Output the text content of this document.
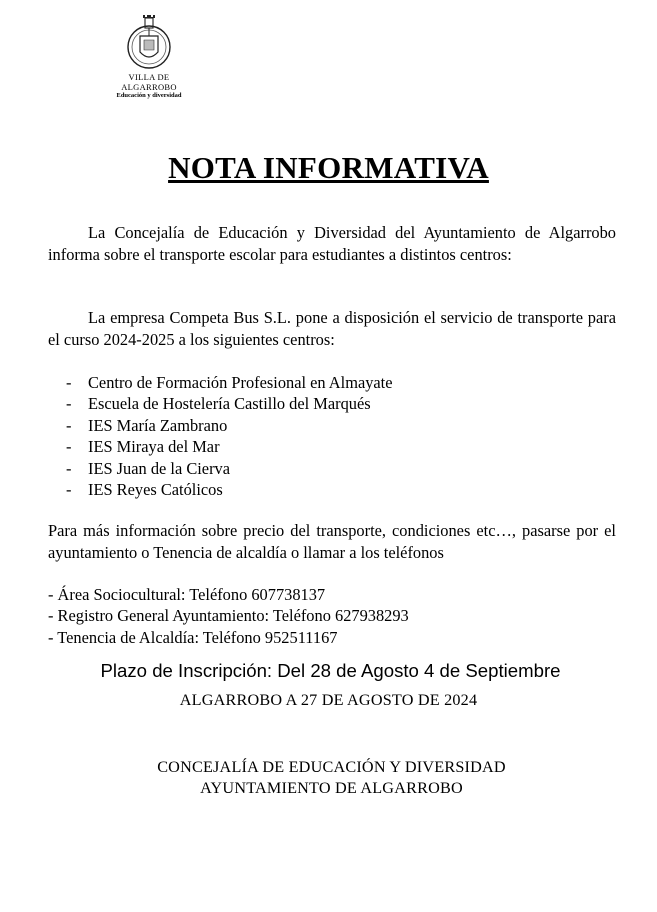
VILLA DE
ALGARROBO
Educación y diversidad
NOTA INFORMATIVA

La Concejalía de Educación y Diversidad del Ayuntamiento de Algarrobo informa sobre el transporte escolar para estudiantes a distintos centros:

La empresa Competa Bus S.L. pone a disposición el servicio de transporte para el curso 2024-2025 a los siguientes centros:

- Centro de Formación Profesional en Almayate
- Escuela de Hostelería Castillo del Marqués
- IES María Zambrano
- IES Miraya del Mar
- IES Juan de la Cierva
- IES Reyes Católicos

Para más información sobre precio del transporte, condiciones etc…, pasarse por el ayuntamiento o Tenencia de alcaldía o llamar a los teléfonos

- Área Sociocultural: Teléfono 607738137
- Registro General Ayuntamiento: Teléfono 627938293
- Tenencia de Alcaldía: Teléfono 952511167
Plazo de Inscripción: Del 28 de Agosto 4 de Septiembre
ALGARROBO A 27 DE AGOSTO DE 2024
CONCEJALÍA DE EDUCACIÓN Y DIVERSIDAD
AYUNTAMIENTO DE ALGARROBO
